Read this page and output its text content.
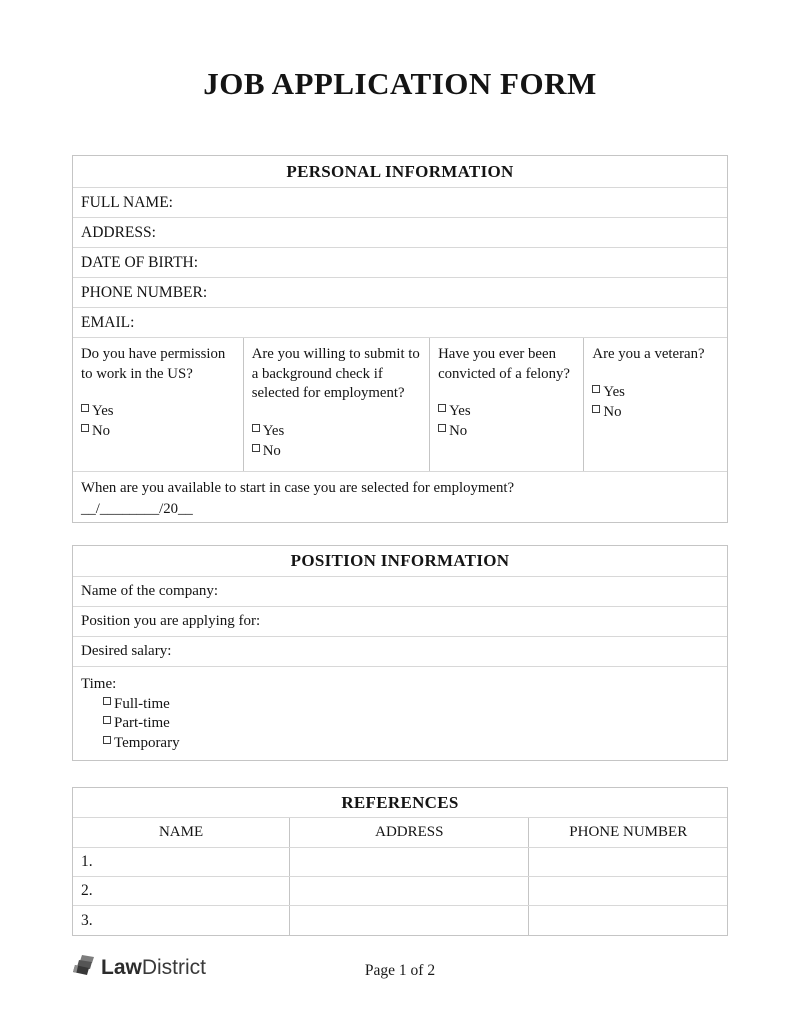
JOB APPLICATION FORM
PERSONAL INFORMATION
FULL NAME:
ADDRESS:
DATE OF BIRTH:
PHONE NUMBER:
EMAIL:
Do you have permission to work in the US?
Yes
No
Are you willing to submit to a background check if selected for employment?
Yes
No
Have you ever been convicted of a felony?
Yes
No
Are you a veteran?
Yes
No
When are you available to start in case you are selected for employment?
__/________/20__
POSITION INFORMATION
Name of the company:
Position you are applying for:
Desired salary:
Time:
Full-time
Part-time
Temporary
REFERENCES
NAME	ADDRESS	PHONE NUMBER
1.
2.
3.
Law District	Page 1 of 2
